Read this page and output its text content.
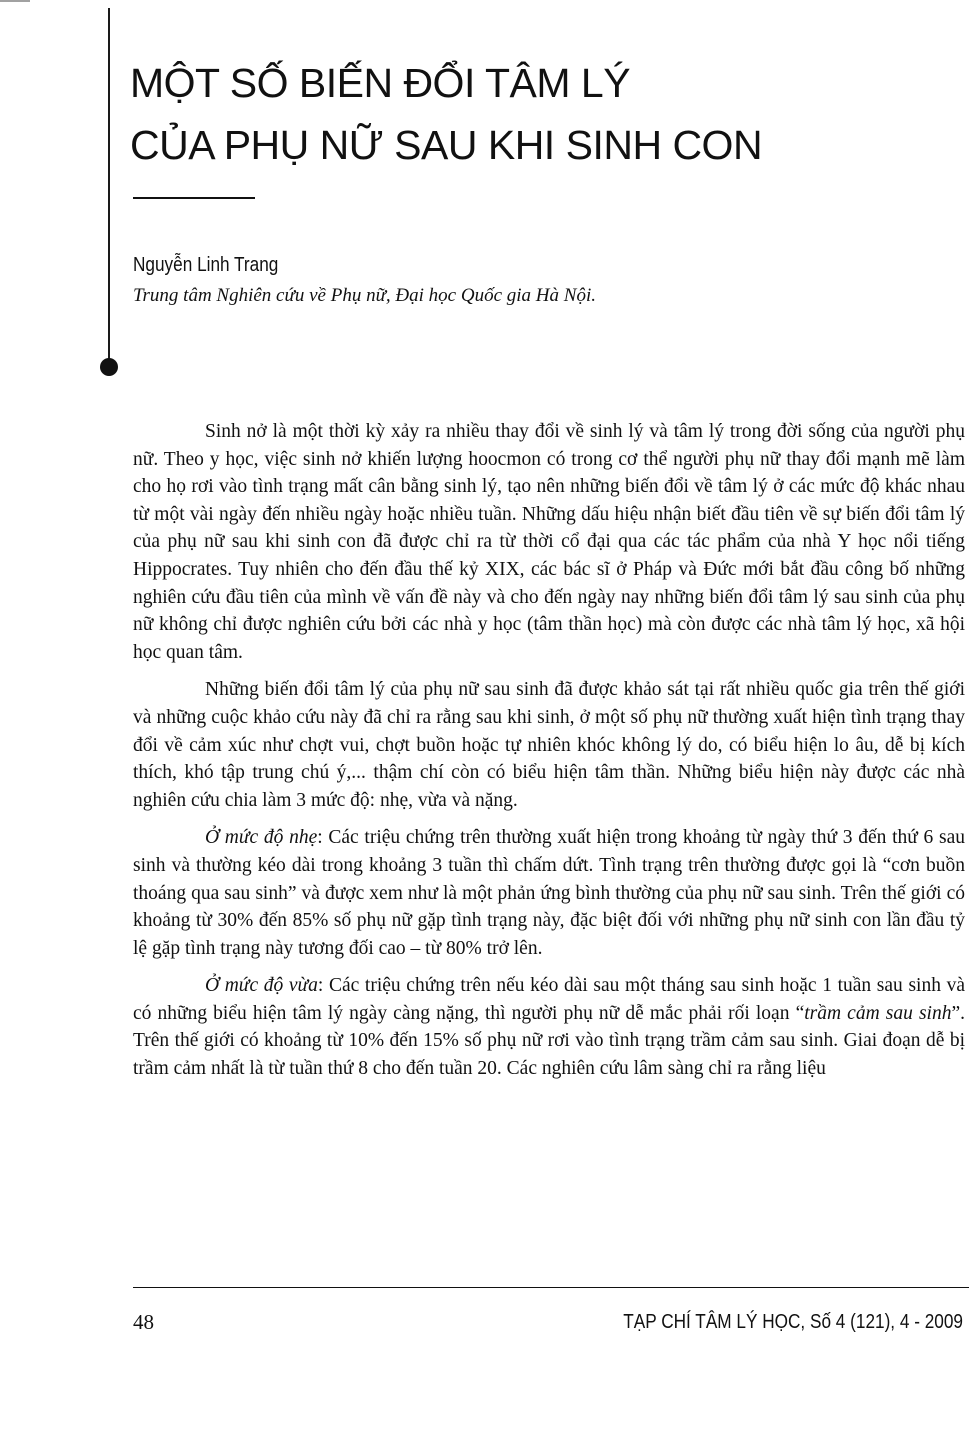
MỘT SỐ BIẾN ĐỔI TÂM LÝ
CỦA PHỤ NỮ SAU KHI SINH CON
Nguyễn Linh Trang
Trung tâm Nghiên cứu về Phụ nữ, Đại học Quốc gia Hà Nội.

Sinh nở là một thời kỳ xảy ra nhiều thay đổi về sinh lý và tâm lý trong đời sống của người phụ nữ. Theo y học, việc sinh nở khiến lượng hoocmon có trong cơ thể người phụ nữ thay đổi mạnh mẽ làm cho họ rơi vào tình trạng mất cân bằng sinh lý, tạo nên những biến đổi về tâm lý ở các mức độ khác nhau từ một vài ngày đến nhiều ngày hoặc nhiều tuần. Những dấu hiệu nhận biết đầu tiên về sự biến đổi tâm lý của phụ nữ sau khi sinh con đã được chỉ ra từ thời cổ đại qua các tác phẩm của nhà Y học nổi tiếng Hippocrates. Tuy nhiên cho đến đầu thế kỷ XIX, các bác sĩ ở Pháp và Đức mới bắt đầu công bố những nghiên cứu đầu tiên của mình về vấn đề này và cho đến ngày nay những biến đổi tâm lý sau sinh của phụ nữ không chỉ được nghiên cứu bởi các nhà y học (tâm thần học) mà còn được các nhà tâm lý học, xã hội học quan tâm.

Những biến đổi tâm lý của phụ nữ sau sinh đã được khảo sát tại rất nhiều quốc gia trên thế giới và những cuộc khảo cứu này đã chỉ ra rằng sau khi sinh, ở một số phụ nữ thường xuất hiện tình trạng thay đổi về cảm xúc như chợt vui, chợt buồn hoặc tự nhiên khóc không lý do, có biểu hiện lo âu, dễ bị kích thích, khó tập trung chú ý,... thậm chí còn có biểu hiện tâm thần. Những biểu hiện này được các nhà nghiên cứu chia làm 3 mức độ: nhẹ, vừa và nặng.

Ở mức độ nhẹ: Các triệu chứng trên thường xuất hiện trong khoảng từ ngày thứ 3 đến thứ 6 sau sinh và thường kéo dài trong khoảng 3 tuần thì chấm dứt. Tình trạng trên thường được gọi là “cơn buồn thoáng qua sau sinh” và được xem như là một phản ứng bình thường của phụ nữ sau sinh. Trên thế giới có khoảng từ 30% đến 85% số phụ nữ gặp tình trạng này, đặc biệt đối với những phụ nữ sinh con lần đầu tỷ lệ gặp tình trạng này tương đối cao – từ 80% trở lên.

Ở mức độ vừa: Các triệu chứng trên nếu kéo dài sau một tháng sau sinh hoặc 1 tuần sau sinh và có những biểu hiện tâm lý ngày càng nặng, thì người phụ nữ dễ mắc phải rối loạn “trầm cảm sau sinh”. Trên thế giới có khoảng từ 10% đến 15% số phụ nữ rơi vào tình trạng trầm cảm sau sinh. Giai đoạn dễ bị trầm cảm nhất là từ tuần thứ 8 cho đến tuần 20. Các nghiên cứu lâm sàng chỉ ra rằng liệu

48	TẠP CHÍ TÂM LÝ HỌC, Số 4 (121), 4 - 2009
